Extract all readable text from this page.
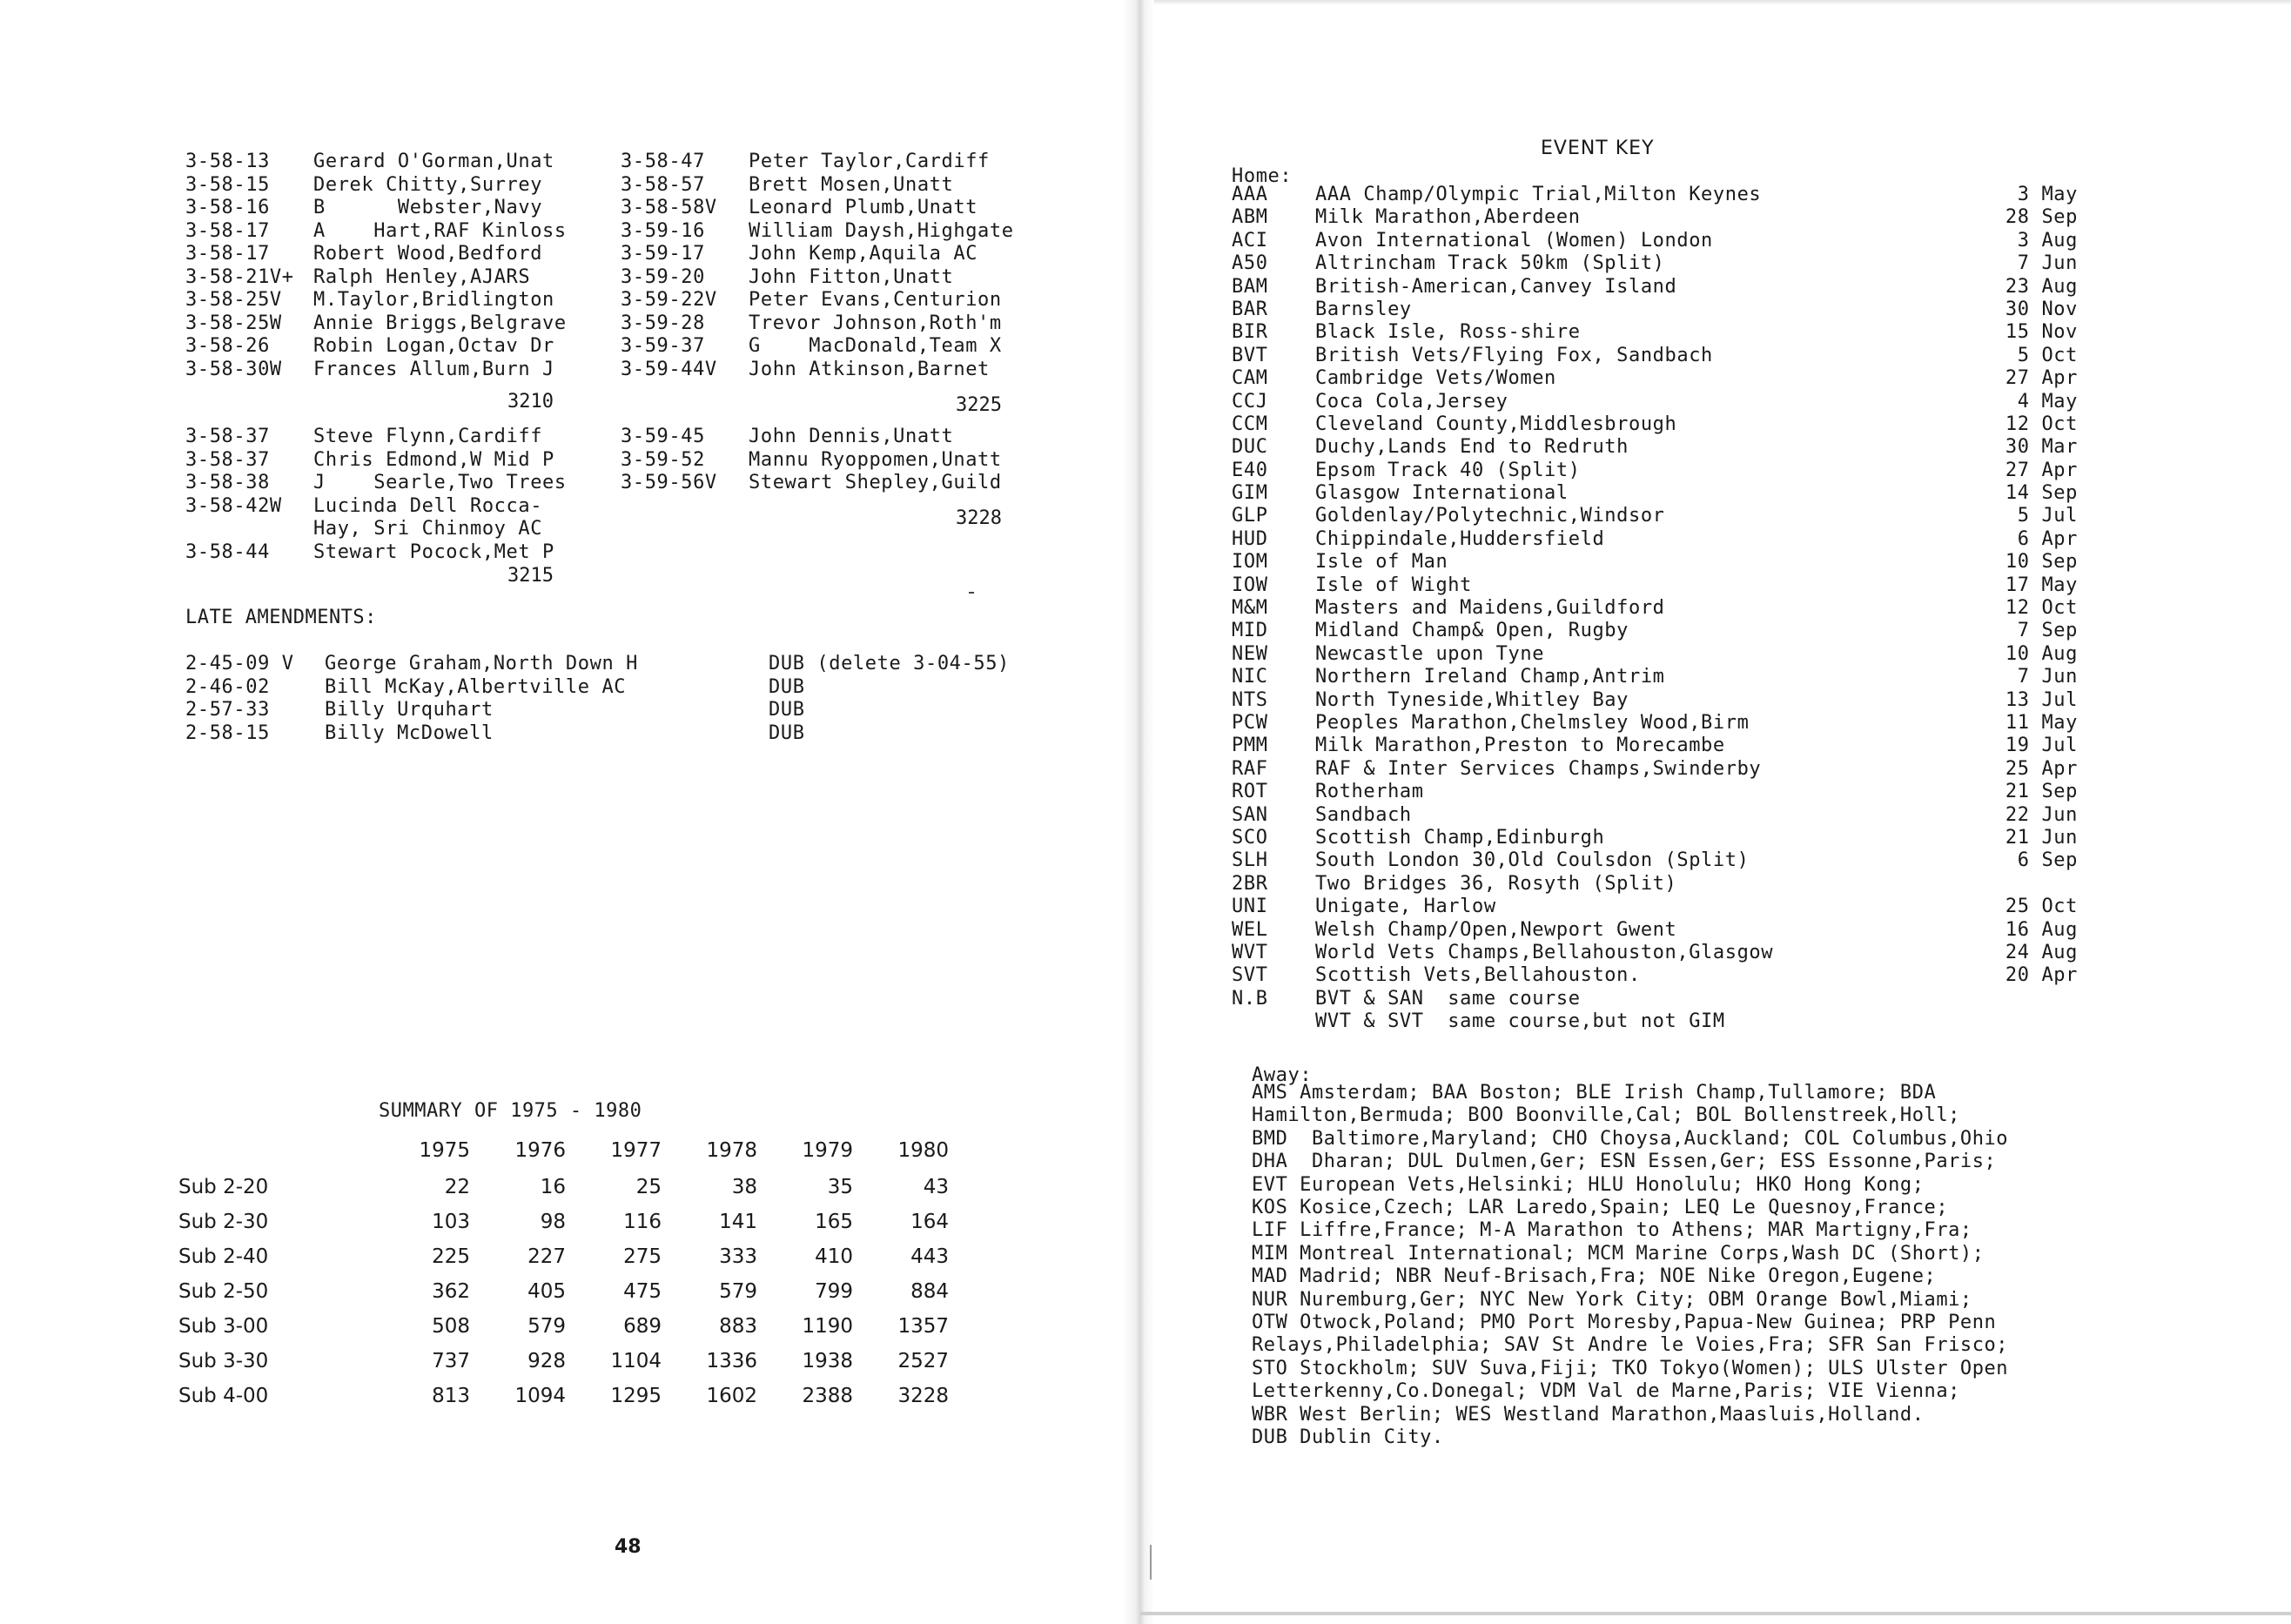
3-58-13 Gerard O'Gorman,Unat
3-58-15 Derek Chitty,Surrey
3-58-16 B      Webster,Navy
3-58-17 A    Hart,RAF Kinloss
3-58-17 Robert Wood,Bedford
3-58-21V+ Ralph Henley,AJARS
3-58-25V M.Taylor,Bridlington
3-58-25W Annie Briggs,Belgrave
3-58-26 Robin Logan,Octav Dr
3-58-30W Frances Allum,Burn J
3210
3-58-37 Steve Flynn,Cardiff
3-58-37 Chris Edmond,W Mid P
3-58-38 J    Searle,Two Trees
3-58-42W Lucinda Dell Rocca-
Hay, Sri Chinmoy AC
3-58-44 Stewart Pocock,Met P
3215
3-58-47 Peter Taylor,Cardiff
3-58-57 Brett Mosen,Unatt
3-58-58V Leonard Plumb,Unatt
3-59-16 William Daysh,Highgate
3-59-17 John Kemp,Aquila AC
3-59-20 John Fitton,Unatt
3-59-22V Peter Evans,Centurion
3-59-28 Trevor Johnson,Roth'm
3-59-37 G    MacDonald,Team X
3-59-44V John Atkinson,Barnet
3225
3-59-45 John Dennis,Unatt
3-59-52 Mannu Ryoppomen,Unatt
3-59-56V Stewart Shepley,Guild
3228
LATE AMENDMENTS:
2-45-09 V George Graham,North Down H	DUB (delete 3-04-55)
2-46-02	Bill McKay,Albertville AC	DUB
2-57-33	Billy Urquhart	DUB
2-58-15	Billy McDowell	DUB
SUMMARY OF 1975 - 1980
	1975	1976	1977	1978	1979	1980
Sub 2-20	22	16	25	38	35	43
Sub 2-30	103	98	116	141	165	164
Sub 2-40	225	227	275	333	410	443
Sub 2-50	362	405	475	579	799	884
Sub 3-00	508	579	689	883	1190	1357
Sub 3-30	737	928	1104	1336	1938	2527
Sub 4-00	813	1094	1295	1602	2388	3228
48
EVENT KEY
Home:
AAA AAA Champ/Olympic Trial,Milton Keynes	3 May
ABM Milk Marathon,Aberdeen	28 Sep
ACI Avon International (Women) London	3 Aug
A50 Altrincham Track 50km (Split)	7 Jun
BAM British-American,Canvey Island	23 Aug
BAR Barnsley	30 Nov
BIR Black Isle, Ross-shire	15 Nov
BVT British Vets/Flying Fox, Sandbach	5 Oct
CAM Cambridge Vets/Women	27 Apr
CCJ Coca Cola,Jersey	4 May
CCM Cleveland County,Middlesbrough	12 Oct
DUC Duchy,Lands End to Redruth	30 Mar
E40 Epsom Track 40 (Split)	27 Apr
GIM Glasgow International	14 Sep
GLP Goldenlay/Polytechnic,Windsor	5 Jul
HUD Chippindale,Huddersfield	6 Apr
IOM Isle of Man	10 Sep
IOW Isle of Wight	17 May
M&M Masters and Maidens,Guildford	12 Oct
MID Midland Champ& Open, Rugby	7 Sep
NEW Newcastle upon Tyne	10 Aug
NIC Northern Ireland Champ,Antrim	7 Jun
NTS North Tyneside,Whitley Bay	13 Jul
PCW Peoples Marathon,Chelmsley Wood,Birm	11 May
PMM Milk Marathon,Preston to Morecambe	19 Jul
RAF RAF & Inter Services Champs,Swinderby	25 Apr
ROT Rotherham	21 Sep
SAN Sandbach	22 Jun
SCO Scottish Champ,Edinburgh	21 Jun
SLH South London 30,Old Coulsdon (Split)	6 Sep
2BR Two Bridges 36, Rosyth (Split)
UNI Unigate, Harlow	25 Oct
WEL Welsh Champ/Open,Newport Gwent	16 Aug
WVT World Vets Champs,Bellahouston,Glasgow	24 Aug
SVT Scottish Vets,Bellahouston.	20 Apr
N.B BVT & SAN  same course
WVT & SVT  same course,but not GIM
Away:
AMS Amsterdam; BAA Boston; BLE Irish Champ,Tullamore; BDA
Hamilton,Bermuda; BOO Boonville,Cal; BOL Bollenstreek,Holl;
BMD  Baltimore,Maryland; CHO Choysa,Auckland; COL Columbus,Ohio
DHA  Dharan; DUL Dulmen,Ger; ESN Essen,Ger; ESS Essonne,Paris;
EVT European Vets,Helsinki; HLU Honolulu; HKO Hong Kong;
KOS Kosice,Czech; LAR Laredo,Spain; LEQ Le Quesnoy,France;
LIF Liffre,France; M-A Marathon to Athens; MAR Martigny,Fra;
MIM Montreal International; MCM Marine Corps,Wash DC (Short);
MAD Madrid; NBR Neuf-Brisach,Fra; NOE Nike Oregon,Eugene;
NUR Nuremburg,Ger; NYC New York City; OBM Orange Bowl,Miami;
OTW Otwock,Poland; PMO Port Moresby,Papua-New Guinea; PRP Penn
Relays,Philadelphia; SAV St Andre le Voies,Fra; SFR San Frisco;
STO Stockholm; SUV Suva,Fiji; TKO Tokyo(Women); ULS Ulster Open
Letterkenny,Co.Donegal; VDM Val de Marne,Paris; VIE Vienna;
WBR West Berlin; WES Westland Marathon,Maasluis,Holland.
DUB Dublin City.
